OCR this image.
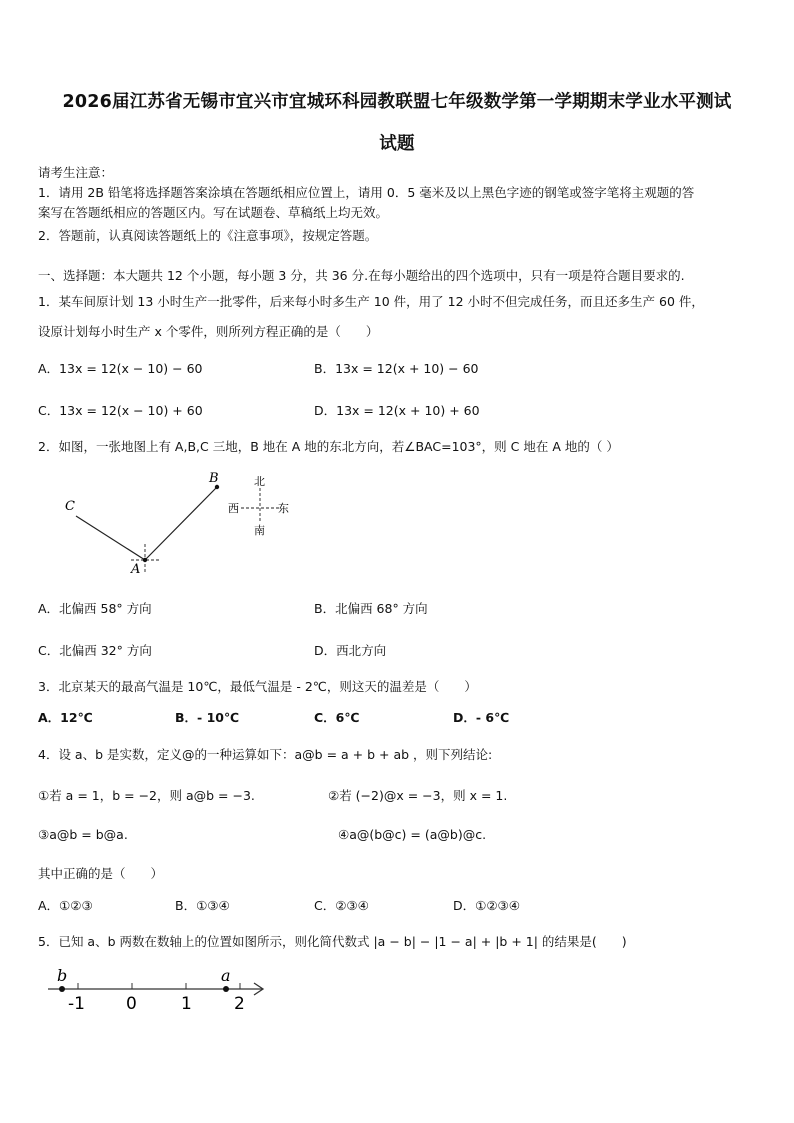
2026届江苏省无锡市宜兴市宜城环科园教联盟七年级数学第一学期期末学业水平测试
试题
请考生注意：
1．请用 2B 铅笔将选择题答案涂填在答题纸相应位置上，请用 0．5 毫米及以上黑色字迹的钢笔或签字笔将主观题的答
案写在答题纸相应的答题区内。写在试题卷、草稿纸上均无效。
2．答题前，认真阅读答题纸上的《注意事项》，按规定答题。
一、选择题：本大题共 12 个小题，每小题 3 分，共 36 分.在每小题给出的四个选项中，只有一项是符合题目要求的.
1．某车间原计划 13 小时生产一批零件，后来每小时多生产 10 件，用了 12 小时不但完成任务，而且还多生产 60 件，
设原计划每小时生产 x 个零件，则所列方程正确的是（　　）
A．13x = 12(x − 10) − 60	B．13x = 12(x + 10) − 60
C．13x = 12(x − 10) + 60	D．13x = 12(x + 10) + 60
2．如图，一张地图上有 A,B,C 三地，B 地在 A 地的东北方向，若∠BAC=103°，则 C 地在 A 地的（ ）
C
B
A
北
南
西	东
A．北偏西 58° 方向	B．北偏西 68° 方向
C．北偏西 32° 方向	D．西北方向
3．北京某天的最高气温是 10℃，最低气温是 - 2℃，则这天的温差是（　　）
A．12℃	B．- 10℃	C．6℃	D．- 6℃
4．设 a、b 是实数，定义@的一种运算如下：a@b = a + b + ab ，则下列结论:
①若 a = 1，b = −2，则 a@b = −3.	②若 (−2)@x = −3，则 x = 1.
③a@b = b@a.	④a@(b@c) = (a@b)@c.
其中正确的是（　　）
A．①②③	B．①③④	C．②③④	D．①②③④
5．已知 a、b 两数在数轴上的位置如图所示，则化简代数式 |a − b| − |1 − a| + |b + 1| 的结果是(　　)
b	a
-1 0	1 2
